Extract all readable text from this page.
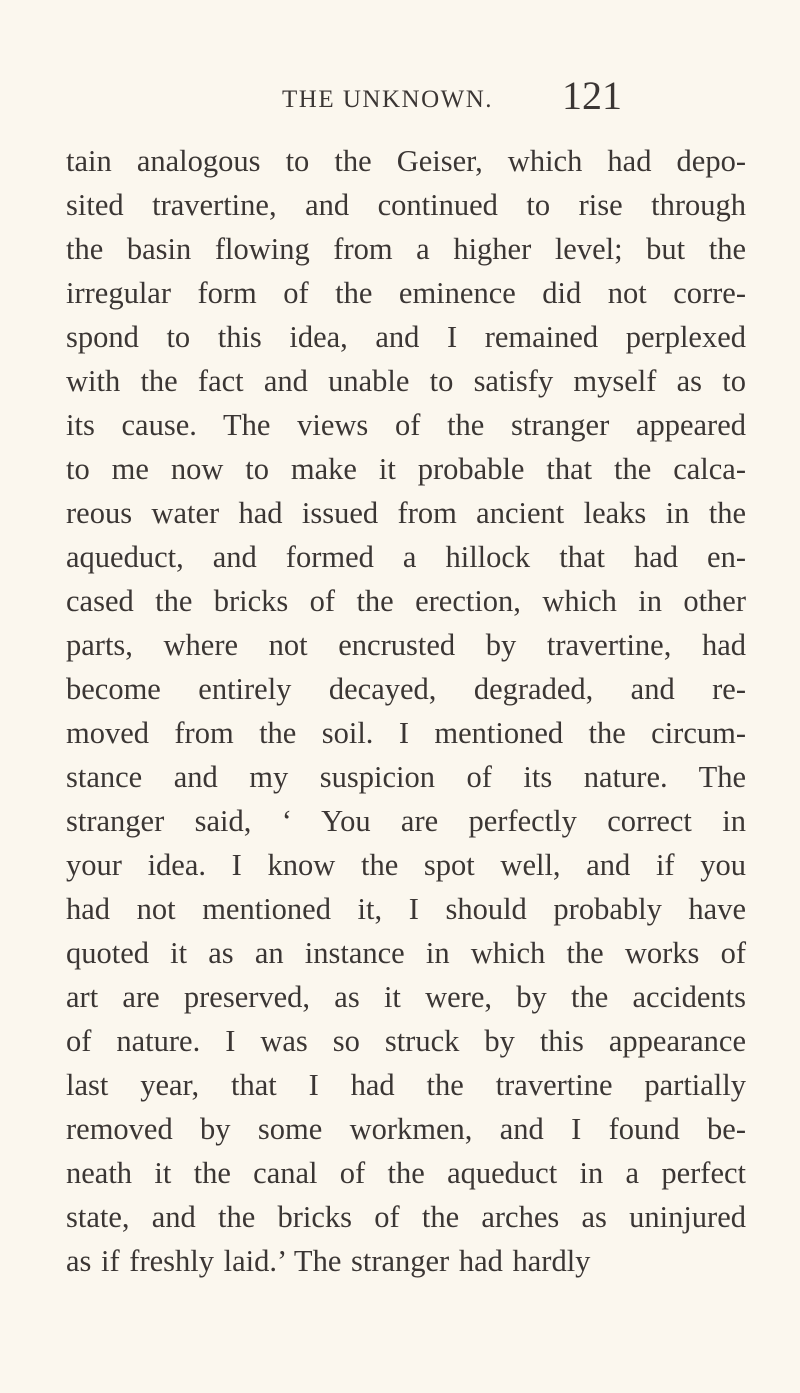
THE UNKNOWN. 121
tain analogous to the Geiser, which had depo-
sited travertine, and continued to rise through
the basin flowing from a higher level; but the
irregular form of the eminence did not corre-
spond to this idea, and I remained perplexed
with the fact and unable to satisfy myself as to
its cause. The views of the stranger appeared
to me now to make it probable that the calca-
reous water had issued from ancient leaks in the
aqueduct, and formed a hillock that had en-
cased the bricks of the erection, which in other
parts, where not encrusted by travertine, had
become entirely decayed, degraded, and re-
moved from the soil. I mentioned the circum-
stance and my suspicion of its nature. The
stranger said, ‘ You are perfectly correct in
your idea. I know the spot well, and if you
had not mentioned it, I should probably have
quoted it as an instance in which the works of
art are preserved, as it were, by the accidents
of nature. I was so struck by this appearance
last year, that I had the travertine partially
removed by some workmen, and I found be-
neath it the canal of the aqueduct in a perfect
state, and the bricks of the arches as uninjured
as if freshly laid.’ The stranger had hardly
